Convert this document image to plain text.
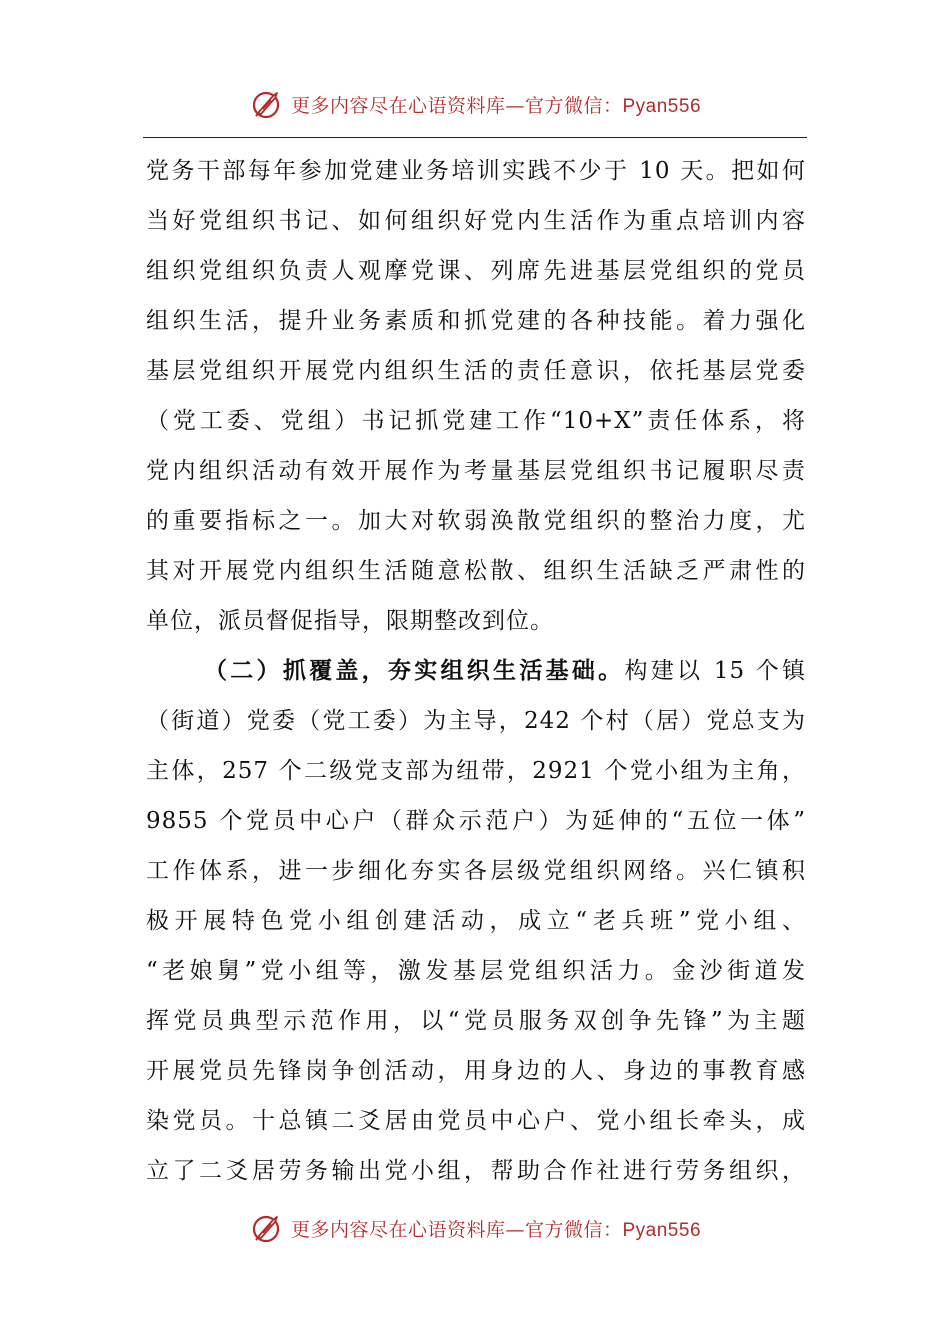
更多内容尽在心语资料库—官方微信：Pyan556
党务干部每年参加党建业务培训实践不少于 10 天。把如何
当好党组织书记、如何组织好党内生活作为重点培训内容
组织党组织负责人观摩党课、列席先进基层党组织的党员
组织生活，提升业务素质和抓党建的各种技能。着力强化
基层党组织开展党内组织生活的责任意识，依托基层党委
（党工委、党组）书记抓党建工作“10+X”责任体系，将
党内组织活动有效开展作为考量基层党组织书记履职尽责
的重要指标之一。加大对软弱涣散党组织的整治力度，尤
其对开展党内组织生活随意松散、组织生活缺乏严肃性的
单位，派员督促指导，限期整改到位。
（二）抓覆盖，夯实组织生活基础。构建以 15 个镇
（街道）党委（党工委）为主导，242 个村（居）党总支为
主体，257 个二级党支部为纽带，2921 个党小组为主角，
9855 个党员中心户（群众示范户）为延伸的“五位一体”
工作体系，进一步细化夯实各层级党组织网络。兴仁镇积
极开展特色党小组创建活动，成立“老兵班”党小组、
“老娘舅”党小组等，激发基层党组织活力。金沙街道发
挥党员典型示范作用，以“党员服务双创争先锋”为主题
开展党员先锋岗争创活动，用身边的人、身边的事教育感
染党员。十总镇二爻居由党员中心户、党小组长牵头，成
立了二爻居劳务输出党小组，帮助合作社进行劳务组织，
更多内容尽在心语资料库—官方微信：Pyan556
